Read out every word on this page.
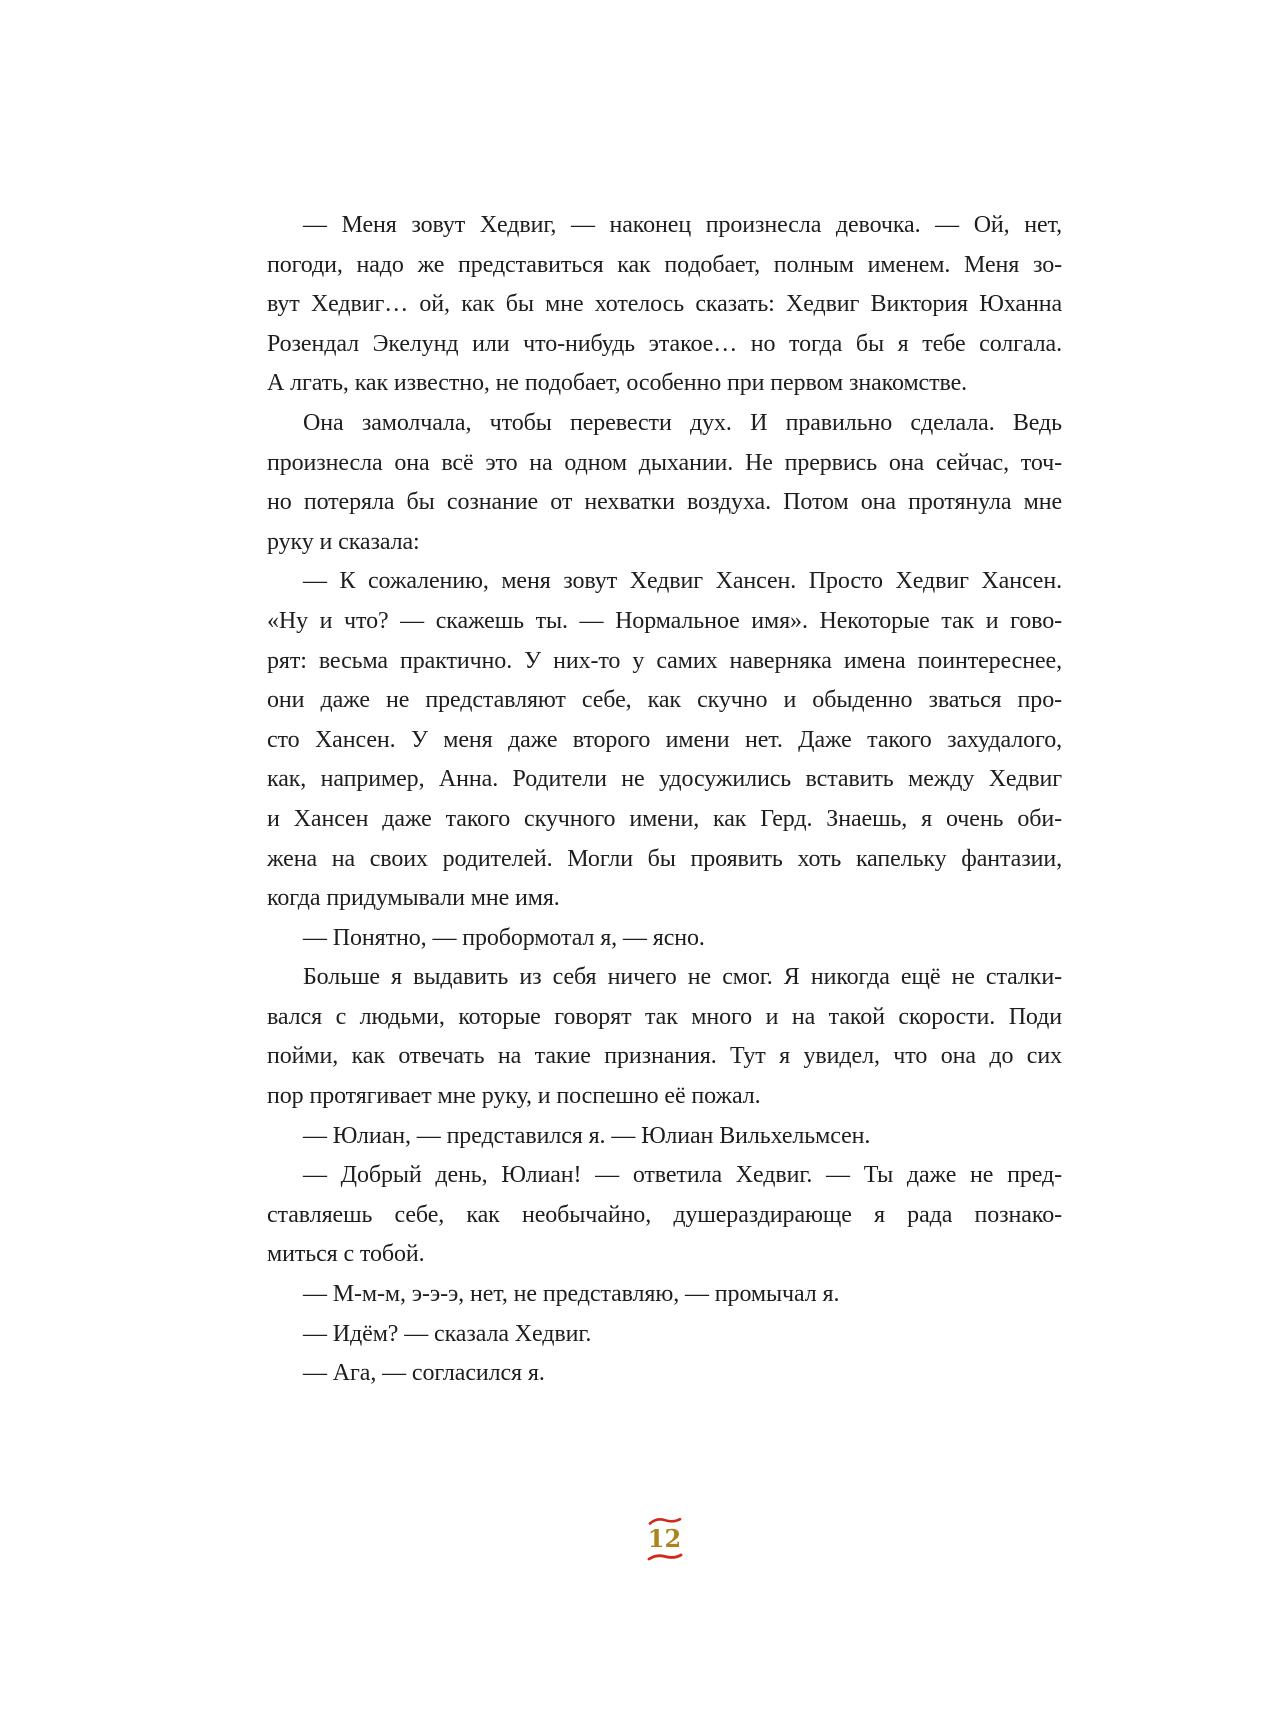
— Меня зовут Хедвиг, — наконец произнесла девочка. — Ой, нет,
погоди, надо же представиться как подобает, полным именем. Меня зо-
вут Хедвиг… ой, как бы мне хотелось сказать: Хедвиг Виктория Юханна
Розендал Экелунд или что-нибудь этакое… но тогда бы я тебе солгала.
А лгать, как известно, не подобает, особенно при первом знакомстве.
Она замолчала, чтобы перевести дух. И правильно сделала. Ведь
произнесла она всё это на одном дыхании. Не прервись она сейчас, точ-
но потеряла бы сознание от нехватки воздуха. Потом она протянула мне
руку и сказала:
— К сожалению, меня зовут Хедвиг Хансен. Просто Хедвиг Хансен.
«Ну и что? — скажешь ты. — Нормальное имя». Некоторые так и гово-
рят: весьма практично. У них-то у самих наверняка имена поинтереснее,
они даже не представляют себе, как скучно и обыденно зваться про-
сто Хансен. У меня даже второго имени нет. Даже такого захудалого,
как, например, Анна. Родители не удосужились вставить между Хедвиг
и Хансен даже такого скучного имени, как Герд. Знаешь, я очень оби-
жена на своих родителей. Могли бы проявить хоть капельку фантазии,
когда придумывали мне имя.
— Понятно, — пробормотал я, — ясно.
Больше я выдавить из себя ничего не смог. Я никогда ещё не сталки-
вался с людьми, которые говорят так много и на такой скорости. Поди
пойми, как отвечать на такие признания. Тут я увидел, что она до сих
пор протягивает мне руку, и поспешно её пожал.
— Юлиан, — представился я. — Юлиан Вильхельмсен.
— Добрый день, Юлиан! — ответила Хедвиг. — Ты даже не пред-
ставляешь себе, как необычайно, душераздирающе я рада познако-
миться с тобой.
— М-м-м, э-э-э, нет, не представляю, — промычал я.
— Идём? — сказала Хедвиг.
— Ага, — согласился я.
12
